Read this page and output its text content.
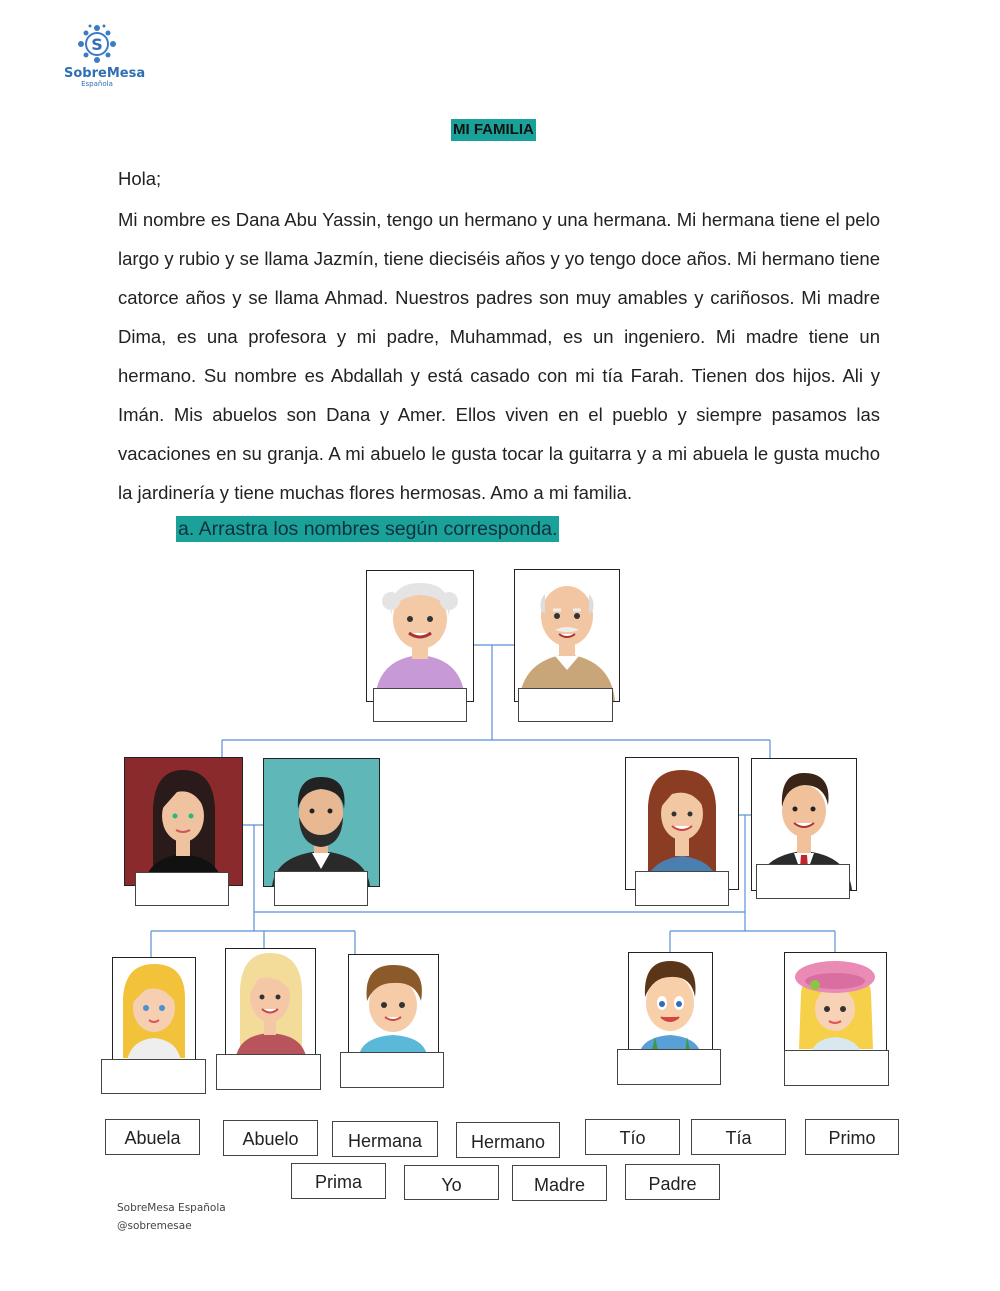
S
SobreMesa
Española
MI FAMILIA
Hola;
Mi nombre es Dana Abu Yassin, tengo un hermano y una hermana. Mi hermana tiene el pelo largo y rubio y se llama Jazmín, tiene dieciséis años y yo tengo doce años. Mi hermano tiene catorce años y se llama Ahmad. Nuestros padres son muy amables y cariñosos. Mi madre Dima, es una profesora y mi padre, Muhammad, es un ingeniero. Mi madre tiene un hermano. Su nombre es Abdallah y está casado con mi tía Farah. Tienen dos hijos. Ali y Imán. Mis abuelos son Dana y Amer. Ellos viven en el pueblo y siempre pasamos las vacaciones en su granja. A mi abuelo le gusta tocar la guitarra y a mi abuela le gusta mucho la jardinería y tiene muchas flores hermosas. Amo a mi familia.
a. Arrastra los nombres según corresponda.
Abuela	Abuelo	Hermana	Hermano	Tío	Tía	Primo
Prima	Yo	Madre	Padre
SobreMesa Española
@sobremesae
